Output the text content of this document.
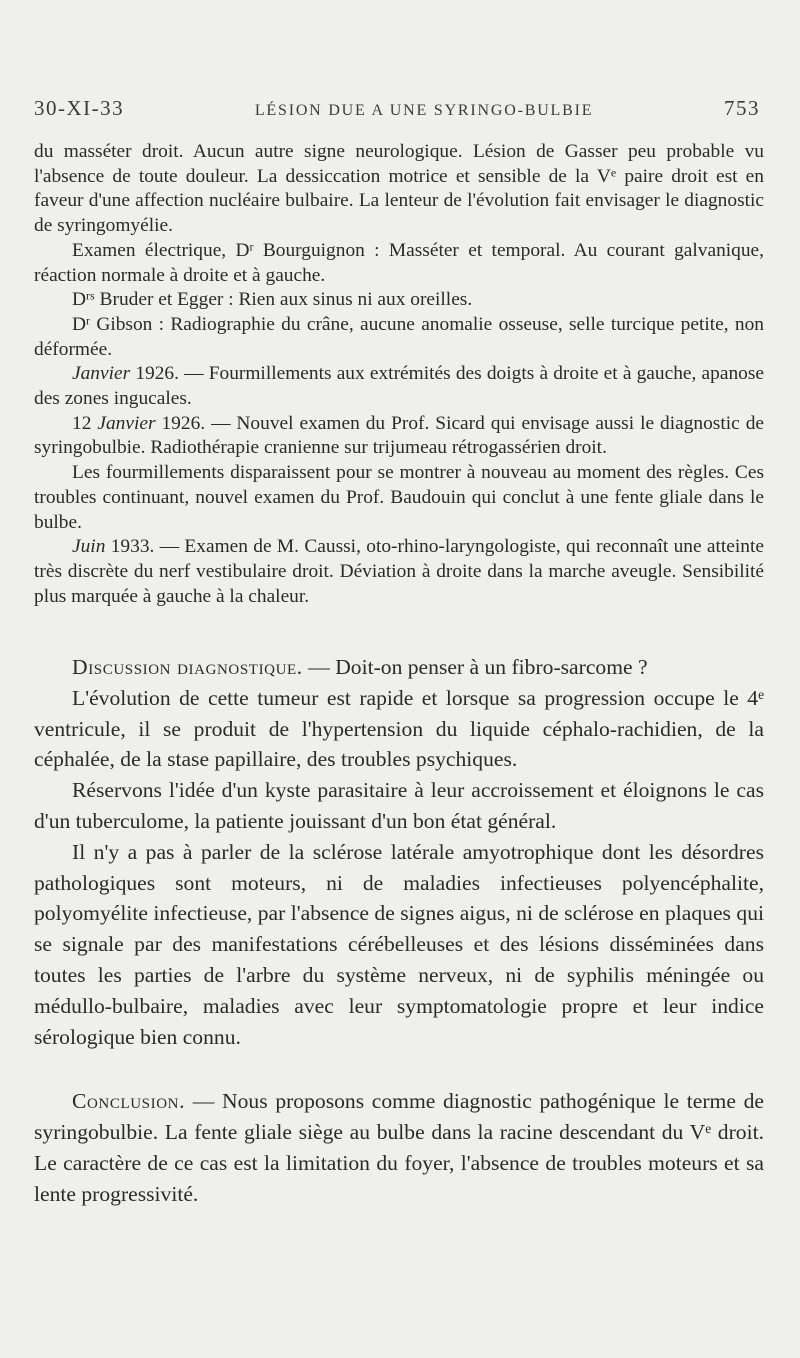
30-XI-33	LÉSION DUE A UNE SYRINGO-BULBIE	753

du masséter droit. Aucun autre signe neurologique. Lésion de Gasser peu probable vu l'absence de toute douleur. La dessiccation motrice et sensible de la Ve paire droit est en faveur d'une affection nucléaire bulbaire. La lenteur de l'évolution fait envisager le diagnostic de syringomyélie.

Examen électrique, $D^r$ Bourguignon : Masséter et temporal. Au courant galvanique, réaction normale à droite et à gauche.

$D^{rs}$ Bruder et Egger : Rien aux sinus ni aux oreilles.

$D^r$ Gibson : Radiographie du crâne, aucune anomalie osseuse, selle turcique petite, non déformée.

Janvier 1926. — Fourmillements aux extrémités des doigts à droite et à gauche, apanose des zones ingucales.

12 Janvier 1926. — Nouvel examen du Prof. Sicard qui envisage aussi le diagnostic de syringobulbie. Radiothérapie cranienne sur trijumeau rétrogassérien droit.

Les fourmillements disparaissent pour se montrer à nouveau au moment des règles. Ces troubles continuant, nouvel examen du Prof. Baudouin qui conclut à une fente gliale dans le bulbe.

Juin 1933. — Examen de M. Caussi, oto-rhino-laryngologiste, qui reconnaît une atteinte très discrète du nerf vestibulaire droit. Déviation à droite dans la marche aveugle. Sensibilité plus marquée à gauche à la chaleur.

Discussion diagnostique. — Doit-on penser à un fibro-sarcome ?

L'évolution de cette tumeur est rapide et lorsque sa progression occupe le 4e ventricule, il se produit de l'hypertension du liquide céphalo-rachidien, de la céphalée, de la stase papillaire, des troubles psychiques.

Réservons l'idée d'un kyste parasitaire à leur accroissement et éloignons le cas d'un tuberculome, la patiente jouissant d'un bon état général.

Il n'y a pas à parler de la sclérose latérale amyotrophique dont les désordres pathologiques sont moteurs, ni de maladies infectieuses polyencéphalite, polyomyélite infectieuse, par l'absence de signes aigus, ni de sclérose en plaques qui se signale par des manifestations cérébelleuses et des lésions disséminées dans toutes les parties de l'arbre du système nerveux, ni de syphilis méningée ou médullo-bulbaire, maladies avec leur symptomatologie propre et leur indice sérologique bien connu.

Conclusion. — Nous proposons comme diagnostic pathogénique le terme de syringobulbie. La fente gliale siège au bulbe dans la racine descendant du Ve droit. Le caractère de ce cas est la limitation du foyer, l'absence de troubles moteurs et sa lente progressivité.
